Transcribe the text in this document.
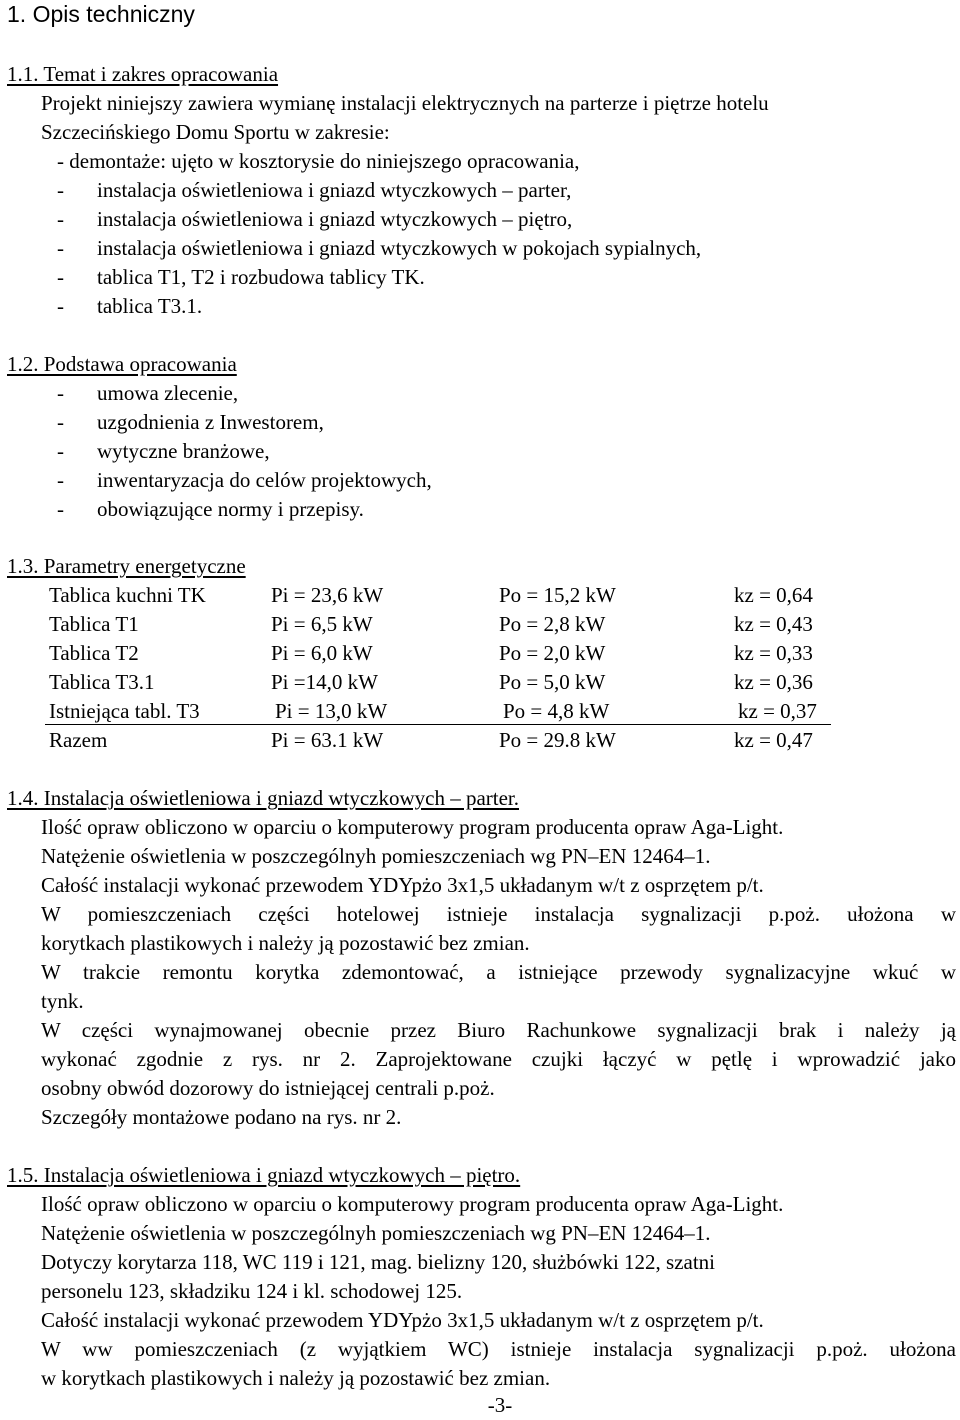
1. Opis techniczny
1.1. Temat i zakres opracowania
Projekt niniejszy zawiera wymianę instalacji elektrycznych na parterze i piętrze hotelu
Szczecińskiego Domu Sportu w zakresie:
- demontaże: ujęto w kosztorysie do niniejszego opracowania,
- instalacja oświetleniowa i gniazd wtyczkowych – parter,
- instalacja oświetleniowa i gniazd wtyczkowych – piętro,
- instalacja oświetleniowa i gniazd wtyczkowych w pokojach sypialnych,
- tablica T1, T2 i rozbudowa tablicy TK.
- tablica T3.1.
1.2. Podstawa opracowania
- umowa zlecenie,
- uzgodnienia z Inwestorem,
- wytyczne branżowe,
- inwentaryzacja do celów projektowych,
- obowiązujące normy i przepisy.
1.3. Parametry energetyczne
Tablica kuchni TK	Pi = 23,6 kW	Po = 15,2 kW	kz = 0,64
Tablica T1	Pi = 6,5 kW	Po = 2,8 kW	kz = 0,43
Tablica T2	Pi = 6,0 kW	Po = 2,0 kW	kz = 0,33
Tablica T3.1	Pi =14,0 kW	Po = 5,0 kW	kz = 0,36
Istniejąca tabl. T3	Pi = 13,0 kW	Po = 4,8 kW	kz = 0,37
Razem	Pi = 63.1 kW	Po = 29.8 kW	kz = 0,47
1.4. Instalacja oświetleniowa i gniazd wtyczkowych – parter.
Ilość opraw obliczono w oparciu o komputerowy program producenta opraw Aga-Light.
Natężenie oświetlenia w poszczególnyh pomieszczeniach wg PN–EN 12464–1.
Całość instalacji wykonać przewodem YDYpżo 3x1,5 układanym w/t z osprzętem p/t.
W pomieszczeniach części hotelowej istnieje instalacja sygnalizacji p.poż. ułożona w
korytkach plastikowych i należy ją pozostawić bez zmian.
W trakcie remontu korytka zdemontować, a istniejące przewody sygnalizacyjne wkuć w
tynk.
W części wynajmowanej obecnie przez Biuro Rachunkowe sygnalizacji brak i należy ją
wykonać zgodnie z rys. nr 2. Zaprojektowane czujki łączyć w pętlę i wprowadzić jako
osobny obwód dozorowy do istniejącej centrali p.poż.
Szczegóły montażowe podano na rys. nr 2.
1.5. Instalacja oświetleniowa i gniazd wtyczkowych – piętro.
Ilość opraw obliczono w oparciu o komputerowy program producenta opraw Aga-Light.
Natężenie oświetlenia w poszczególnyh pomieszczeniach wg PN–EN 12464–1.
Dotyczy korytarza 118, WC 119 i 121, mag. bielizny 120, służbówki 122, szatni
personelu 123, składziku 124 i kl. schodowej 125.
Całość instalacji wykonać przewodem YDYpżo 3x1,5 układanym w/t z osprzętem p/t.
W ww pomieszczeniach (z wyjątkiem WC) istnieje instalacja sygnalizacji p.poż. ułożona
w korytkach plastikowych i należy ją pozostawić bez zmian.
-3-
